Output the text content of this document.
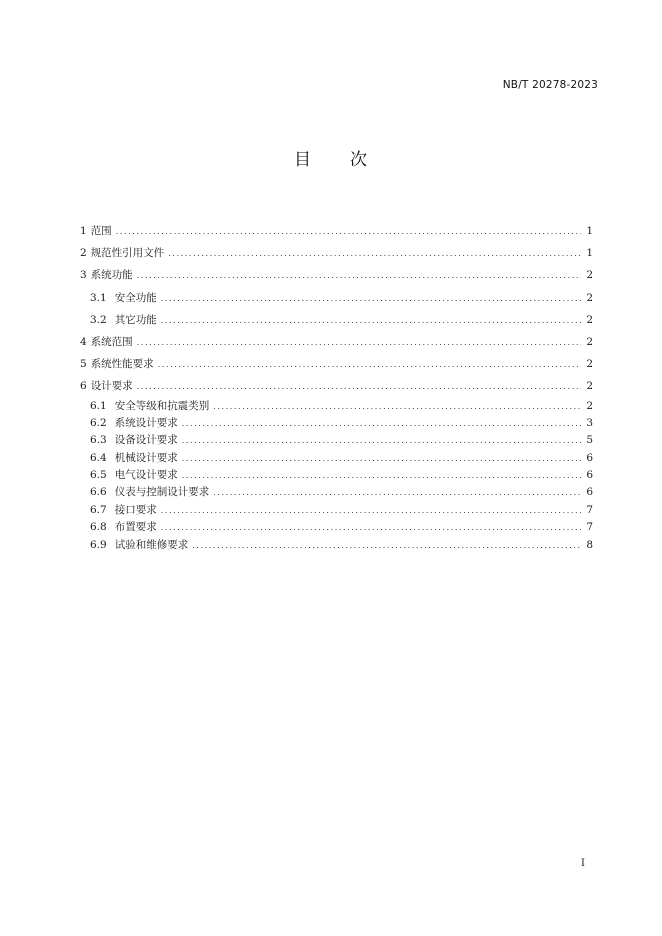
NB/T 20278-2023
目 次
1 范围 .....	1
2 规范性引用文件 .....	1
3 系统功能 .....	2
3.1 安全功能 .....	2
3.2 其它功能 .....	2
4 系统范围 .....	2
5 系统性能要求 .....	2
6 设计要求 .....	2
6.1 安全等级和抗震类别 .....	2
6.2 系统设计要求 .....	3
6.3 设备设计要求 .....	5
6.4 机械设计要求 .....	6
6.5 电气设计要求 .....	6
6.6 仪表与控制设计要求 .....	6
6.7 接口要求 .....	7
6.8 布置要求 .....	7
6.9 试验和维修要求 .....	8
I
